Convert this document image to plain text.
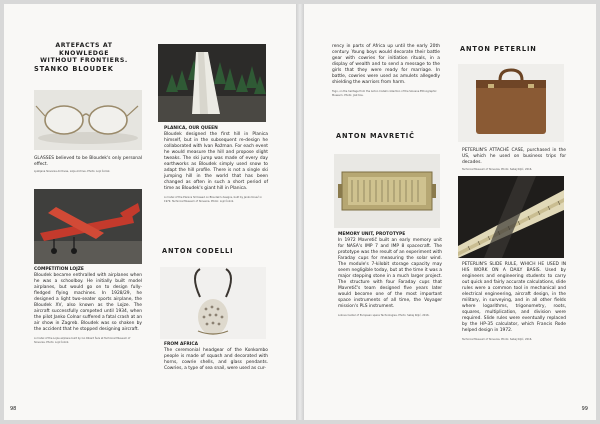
ARTEFACTS AT KNOWLEDGE

WITHOUT FRONTIERS.

STANKO BLOUDEK

GLASSES believed to be Bloudek's only personal effect.

Ljubljana Slovenia Archives, Lolja Archive. Photo: Lojz Čolnik.

COMPETITION LOJZE

Bloudek became enthralled with airplanes when he was a schoolboy. He initially built model airplanes, but would go on to design fully-fledged flying machines. In 1928/29, he designed a light two-seater sports airplane, the Bloudek XV, also known as the Lojze. The aircraft successfully competed until 1934, when the pilot Janko Colnar suffered a fatal crash at an air show in Zagreb. Bloudek was so shaken by the accident that he stopped designing aircraft.

A model of the Lojze airplane built by Ivo Rikard Šuls at Technical Museum of Slovenia. Photo: Lojz Čolnik.

PLANICA, OUR QUEEN

Bloudek designed the first hill in Planica himself, but in the subsequent re-design he collaborated with Ivan Rožman. For each event he would measure the hill and propose slight tweaks. The ski jump was made of every day earthworks as Bloudek simply used snow to adapt the hill profile. There is not a single ski jumping hill in the world that has been changed as often in such a short period of time as Bloudek's giant hill in Planica.

A model of the Planica hill based on Bloudek's designs, built by Janko Kovač in 1979. Technical Museum of Slovenia. Photo: Lojz Čolnik.

ANTON CODELLI

FROM AFRICA

The ceremonial headgear of the Konkombo people is made of squash and decorated with horns, cowrie shells, and glass pendants. Cowries, a type of sea snail, were used as cur-

98

rency in parts of Africa up until the early 20th century. Young boys would decorate their battle gear with cowries for initiation rituals, in a display of wealth and to send a message to the girls that they were ready for marriage. In battle, cowries were used as amulets allegedly shielding the warriors from harm.

Togo, on the heritage from the Anton Codelli collection of the Slovene Ethnographic Museum. Photo: Jost Kos.

ANTON MAVRETIČ

MEMORY UNIT, PROTOTYPE

In 1972 Mavretič built an early memory unit for NASA's IMP 7 and IMP 8 spacecraft. The prototype was the result of an experiment with Faraday cups for measuring the solar wind. The module's 7-kilobit storage capacity may seem negligible today, but at the time it was a major stepping stone in a much larger project. The structure with four Faraday cups that Mavretič's team designed five years later would become one of the most important space instruments of all time, the Voyager mission's PLS instrument.

Lokous Center of European space Technologies. Photo: Sabaj Kiljić, 2016.

ANTON PETERLIN

PETERLIN'S ATTACHÉ CASE, purchased in the US, which he used on business trips for decades.

Technical Museum of Slovenia. Photo: Sabaj Kiljić, 2016.

PETERLIN'S SLIDE RULE, WHICH HE USED IN HIS WORK ON A DAILY BASIS. Used by engineers and engineering students to carry out quick and fairly accurate calculations, slide rules were a common tool in mechanical and electrical engineering, aircraft design, in the military, in surveying, and in all other fields where logarithms, trigonometry, roots, squares, multiplication, and division were required. Slide rules were eventually replaced by the HP-35 calculator, which Francis Rode helped design in 1972.

Technical Museum of Slovenia. Photo: Sabaj Kiljić, 2016.

99
